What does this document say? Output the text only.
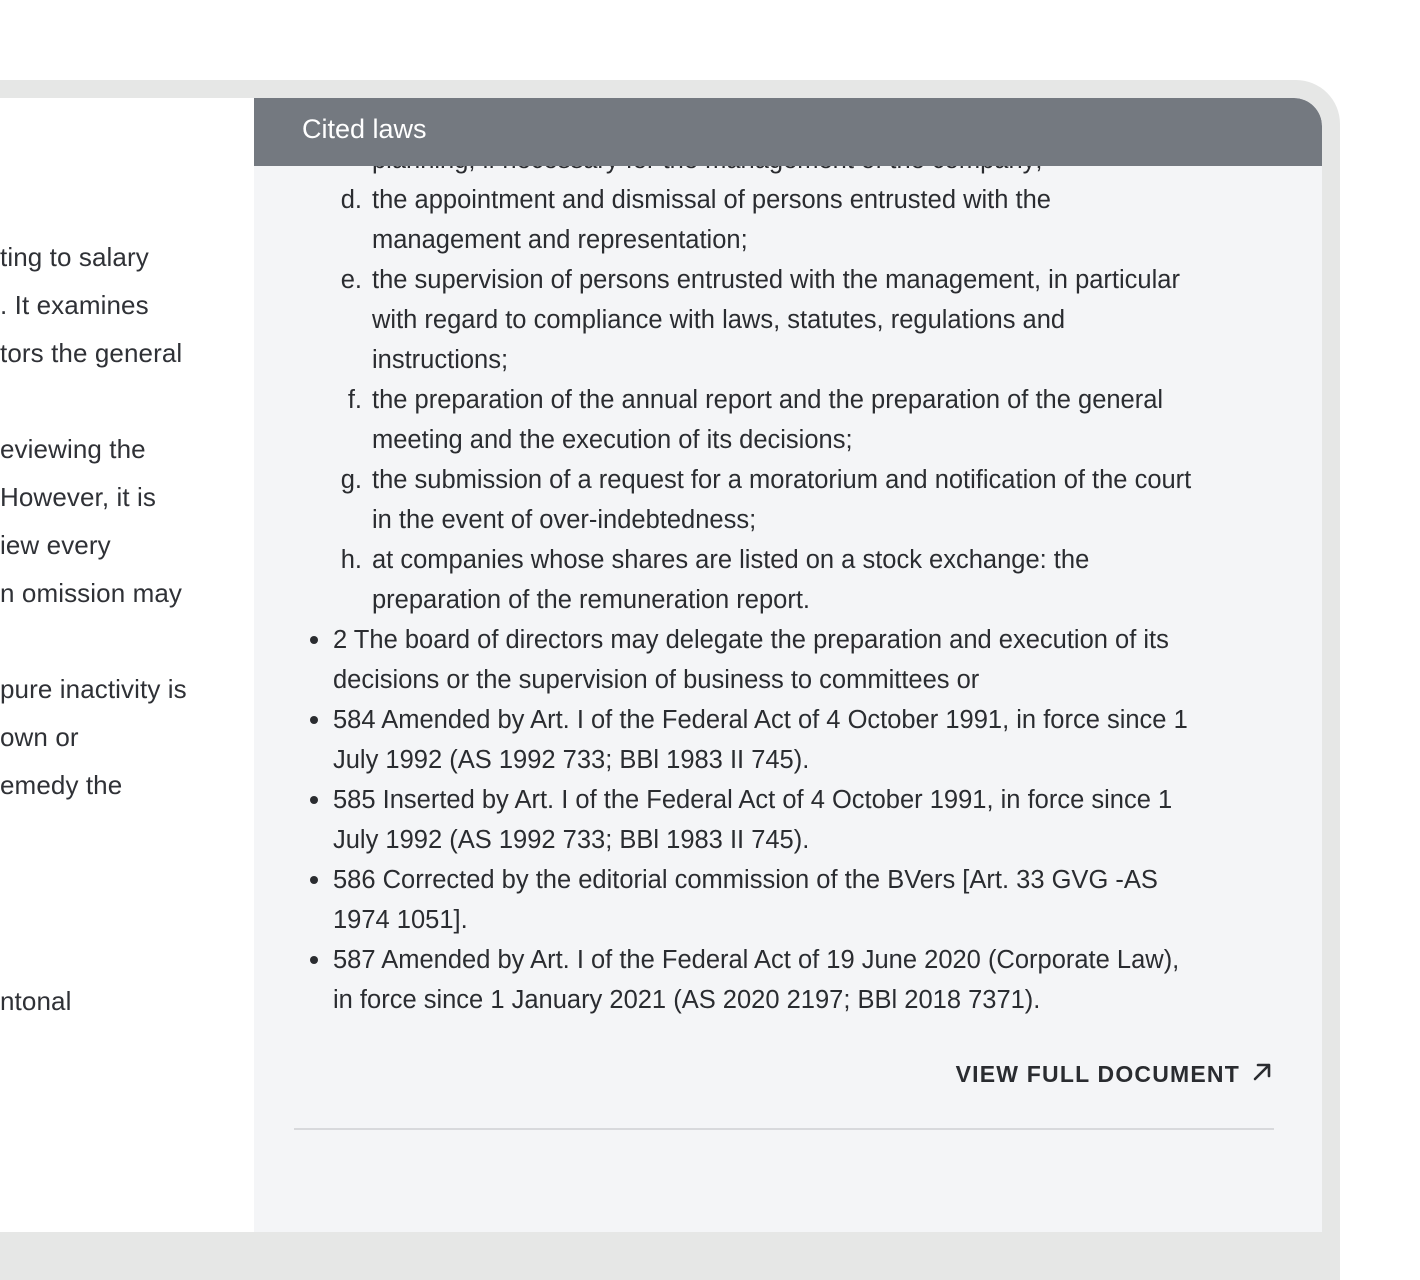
ting to salary
. It examines
tors the general
eviewing the
However, it is
iew every
n omission may
pure inactivity is
own or
emedy the
ntonal
Cited laws
d. the appointment and dismissal of persons entrusted with the
management and representation;
e. the supervision of persons entrusted with the management, in particular
with regard to compliance with laws, statutes, regulations and
instructions;
f. the preparation of the annual report and the preparation of the general
meeting and the execution of its decisions;
g. the submission of a request for a moratorium and notification of the court
in the event of over-indebtedness;
h. at companies whose shares are listed on a stock exchange: the
preparation of the remuneration report.
2 The board of directors may delegate the preparation and execution of its
decisions or the supervision of business to committees or
584 Amended by Art. I of the Federal Act of 4 October 1991, in force since 1
July 1992 (AS 1992 733; BBl 1983 II 745).
585 Inserted by Art. I of the Federal Act of 4 October 1991, in force since 1
July 1992 (AS 1992 733; BBl 1983 II 745).
586 Corrected by the editorial commission of the BVers [Art. 33 GVG -AS
1974 1051].
587 Amended by Art. I of the Federal Act of 19 June 2020 (Corporate Law),
in force since 1 January 2021 (AS 2020 2197; BBl 2018 7371).
VIEW FULL DOCUMENT
